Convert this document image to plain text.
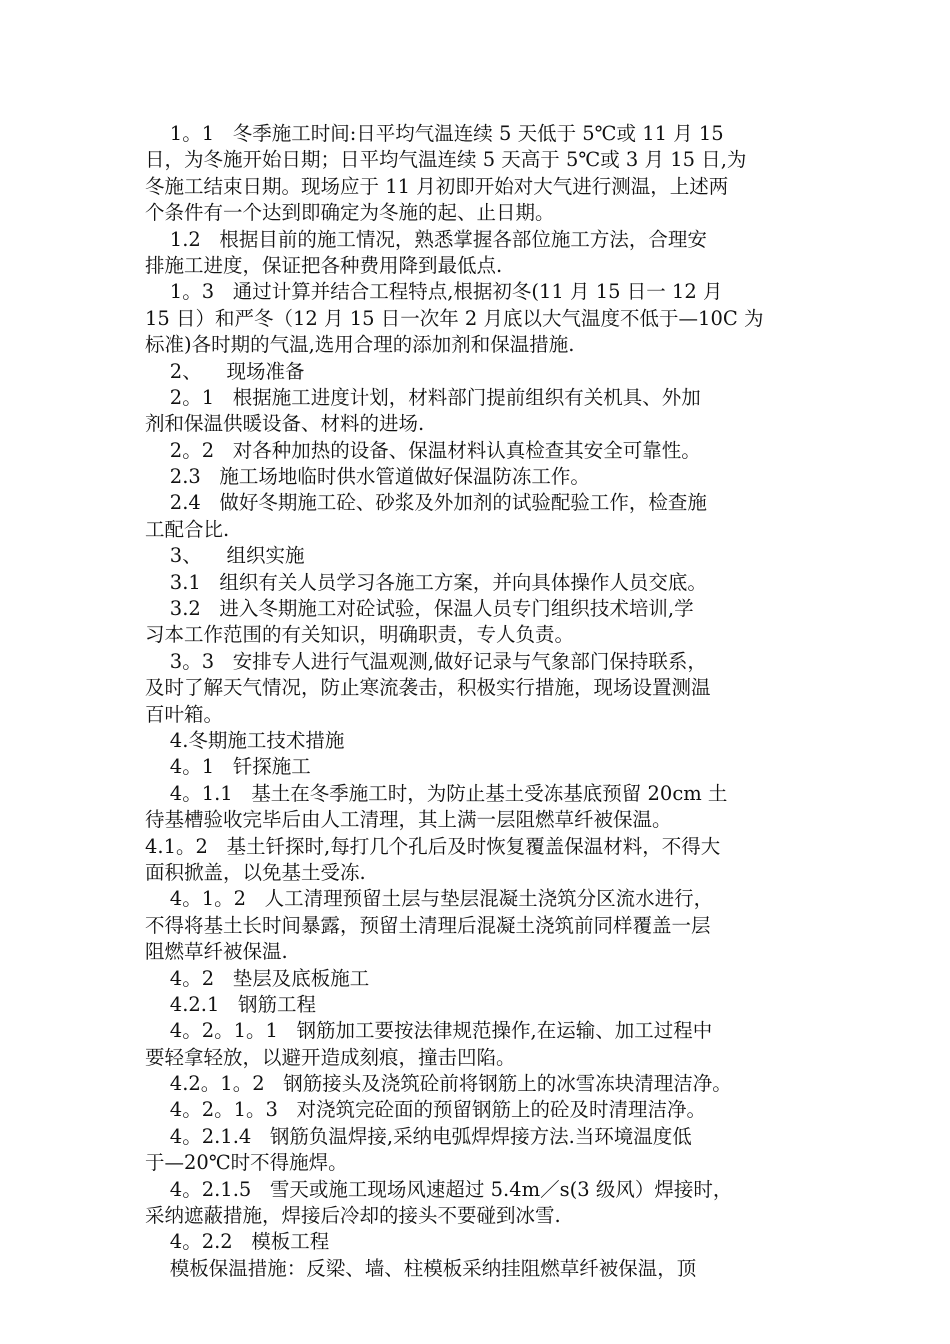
1。1   冬季施工时间:日平均气温连续 5 天低于 5℃或 11 月 15
日，为冬施开始日期；日平均气温连续 5 天高于 5℃或 3 月 15 日,为
冬施工结束日期。现场应于 11 月初即开始对大气进行测温，上述两
个条件有一个达到即确定为冬施的起、止日期。
1.2   根据目前的施工情况，熟悉掌握各部位施工方法，合理安
排施工进度，保证把各种费用降到最低点.
1。3   通过计算并结合工程特点,根据初冬(11 月 15 日一 12 月
15 日）和严冬（12 月 15 日一次年 2 月底以大气温度不低于—10C 为
标准)各时期的气温,选用合理的添加剂和保温措施.
2、    现场准备
2。1   根据施工进度计划，材料部门提前组织有关机具、外加
剂和保温供暖设备、材料的进场.
2。2   对各种加热的设备、保温材料认真检查其安全可靠性。
2.3   施工场地临时供水管道做好保温防冻工作。
2.4   做好冬期施工砼、砂浆及外加剂的试验配验工作，检查施
工配合比.
3、    组织实施
3.1   组织有关人员学习各施工方案，并向具体操作人员交底。
3.2   进入冬期施工对砼试验，保温人员专门组织技术培训,学
习本工作范围的有关知识，明确职责，专人负责。
3。3   安排专人进行气温观测,做好记录与气象部门保持联系，
及时了解天气情况，防止寒流袭击，积极实行措施，现场设置测温
百叶箱。
4.冬期施工技术措施
4。1   钎探施工
4。1.1   基土在冬季施工时，为防止基土受冻基底预留 20cm 土
待基槽验收完毕后由人工清理，其上满一层阻燃草纤被保温。
4.1。2   基土钎探时,每打几个孔后及时恢复覆盖保温材料，不得大
面积掀盖，以免基土受冻.
4。1。2   人工清理预留土层与垫层混凝土浇筑分区流水进行，
不得将基土长时间暴露，预留土清理后混凝土浇筑前同样覆盖一层
阻燃草纤被保温.
4。2   垫层及底板施工
4.2.1   钢筋工程
4。2。1。1   钢筋加工要按法律规范操作,在运输、加工过程中
要轻拿轻放，以避开造成刻痕，撞击凹陷。
4.2。1。2   钢筋接头及浇筑砼前将钢筋上的冰雪冻块清理洁净。
4。2。1。3   对浇筑完砼面的预留钢筋上的砼及时清理洁净。
4。2.1.4   钢筋负温焊接,采纳电弧焊焊接方法.当环境温度低
于—20℃时不得施焊。
4。2.1.5   雪天或施工现场风速超过 5.4m／s(3 级风）焊接时，
采纳遮蔽措施，焊接后冷却的接头不要碰到冰雪.
4。2.2   模板工程
模板保温措施：反梁、墙、柱模板采纳挂阻燃草纤被保温，顶
